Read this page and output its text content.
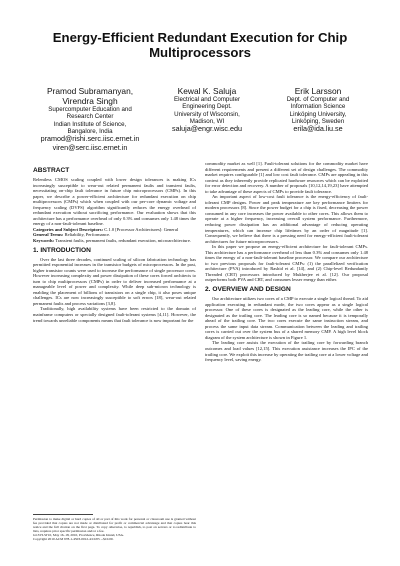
Energy-Efficient Redundant Execution for Chip
Multiprocessors
Pramod Subramanyan,
Virendra Singh
Supercomputer Education and
Research Center
Indian Institute of Science,
Bangalore, India
pramod@rishi.serc.iisc.ernet.in
viren@serc.iisc.ernet.in
Kewal K. Saluja
Electrical and Computer
Engineering Dept.
University of Wisconsin,
Madison, WI
saluja@engr.wisc.edu
Erik Larsson
Dept. of Computer and
Information Science
Linköping University,
Linköping, Sweden
erila@ida.liu.se
ABSTRACT

Relentless CMOS scaling coupled with lower design tolerances is making ICs increasingly susceptible to wear-out related permanent faults and transient faults, necessitating on-chip fault tolerance in future chip microprocessors (CMPs). In this paper, we describe a power-efficient architecture for redundant execution on chip multiprocessors (CMPs) which when coupled with our per-core dynamic voltage and frequency scaling (DVFS) algorithm significantly reduces the energy overhead of redundant execution without sacrificing performance. Our evaluation shows that this architecture has a performance overhead of only 0.3% and consumes only 1.48 times the energy of a non-fault-tolerant baseline.

Categories and Subject Descriptors: C.1.0 [Processor Architectures]: General

General Terms: Reliability, Performance.

Keywords: Transient faults, permanent faults, redundant execution, microarchitecture.

1. INTRODUCTION

Over the last three decades, continued scaling of silicon fabrication technology has permitted exponential increases in the transistor budgets of microprocessors. In the past, higher transistor counts were used to increase the performance of single processor cores. However increasing complexity and power dissipation of these cores forced architects to turn to chip multiprocessors (CMPs) in order to deliver increased performance at a manageable level of power and complexity. While deep sub-micron technology is enabling the placement of billions of transistors on a single chip, it also poses unique challenges. ICs are now increasingly susceptible to soft errors [18], wear-out related permanent faults and process variations [3,8].

Traditionally, high availability systems have been restricted to the domain of mainframe computers or specially designed fault-tolerant systems [4,11]. However, the trend towards unreliable components means that fault tolerance is now important for the

Permission to make digital or hard copies of all or part of this work for personal or classroom use is granted without fee provided that copies are not made or distributed for profit or commercial advantage and that copies bear this notice and the full citation on the first page. To copy otherwise, to republish, to post on servers or to redistribute to lists, requires prior specific permission and/or a fee.
GLSVLSI'10, May 16–18, 2010, Providence, Rhode Island, USA.
Copyright 2010 ACM 978-1-4503-0012-4/10/05 ...$10.00.

commodity market as well [1]. Fault-tolerant solutions for the commodity market have different requirements and present a different set of design challenges. The commodity market requires configurable [1] and low cost fault tolerance. CMPs are appealing in this context as they inherently provide replicated hardware resources which can be exploited for error detection and recovery. A number of proposals [10,12,14,19,23] have attempted to take advantage of these aspects of CMPs to provide fault tolerance.

An important aspect of low-cost fault tolerance is the energy-efficiency of fault-tolerant CMP designs. Power and peak temperature are key performance limiters for modern processors [8]. Since the power budget for a chip is fixed, decreasing the power consumed in any core increases the power available to other cores. This allows them to operate at a higher frequency, increasing overall system performance. Furthermore, reducing power dissipation has an additional advantage of reducing operating temperatures, which can increase chip lifetimes by an order of magnitude [1]. Consequently, we believe that there is a pressing need for energy-efficient fault-tolerant architectures for future microprocessors.

In this paper we propose an energy-efficient architecture for fault-tolerant CMPs. This architecture has a performance overhead of less than 0.3% and consumes only 1.48 times the energy of a non-fault-tolerant baseline processor. We compare our architecture to two previous proposals for fault-tolerant CMPs: (1) the parallelized verification architecture (PVA) introduced by Rashid et al. [14], and (2) Chip-level Redundantly Threaded (CRT) processors introduced by Mukherjee et al. [12]. Our proposal outperforms both PVA and CRT, and consumes lesser energy than either.

2. OVERVIEW AND DESIGN

Our architecture utilizes two cores of a CMP to execute a single logical thread. To aid application executing in redundant mode, the two cores appear as a single logical processor. One of these cores is designated as the leading core, while the other is designated as the trailing core. The leading core is so named because it is temporally ahead of the trailing core. The two cores execute the same instruction stream, and process the same input data stream. Communication between the leading and trailing cores is carried out over the system bus of a shared memory CMP. A high level block diagram of the system architecture is shown in Figure 1.

The leading core assists the execution of the trailing core by forwarding branch outcomes and load values [12,15]. This execution assistance increases the IPC of the trailing core. We exploit this increase by operating the trailing core at a lower voltage and frequency level, saving energy.
